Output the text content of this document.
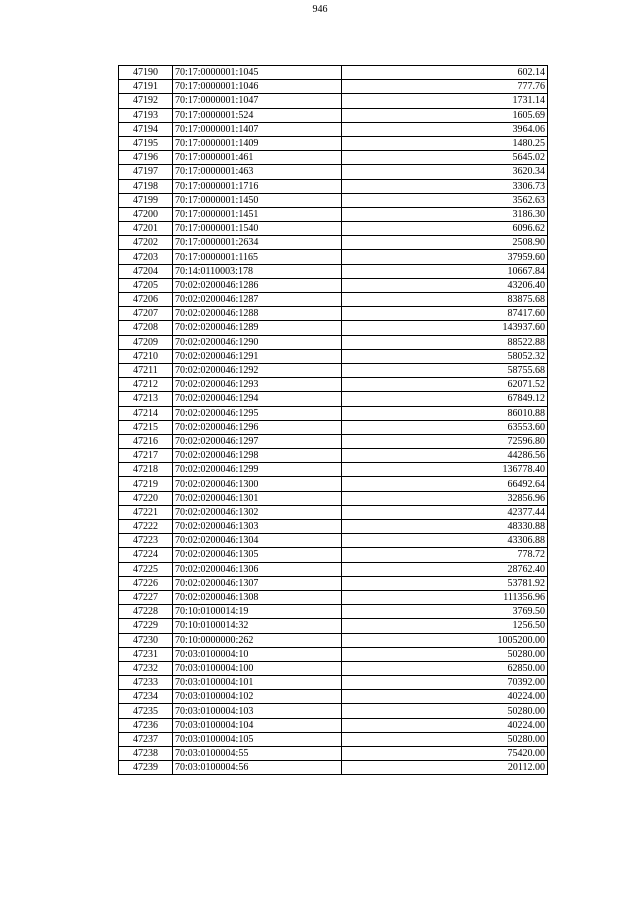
946
47190	70:17:0000001:1045	602.14
47191	70:17:0000001:1046	777.76
47192	70:17:0000001:1047	1731.14
47193	70:17:0000001:524	1605.69
47194	70:17:0000001:1407	3964.06
47195	70:17:0000001:1409	1480.25
47196	70:17:0000001:461	5645.02
47197	70:17:0000001:463	3620.34
47198	70:17:0000001:1716	3306.73
47199	70:17:0000001:1450	3562.63
47200	70:17:0000001:1451	3186.30
47201	70:17:0000001:1540	6096.62
47202	70:17:0000001:2634	2508.90
47203	70:17:0000001:1165	37959.60
47204	70:14:0110003:178	10667.84
47205	70:02:0200046:1286	43206.40
47206	70:02:0200046:1287	83875.68
47207	70:02:0200046:1288	87417.60
47208	70:02:0200046:1289	143937.60
47209	70:02:0200046:1290	88522.88
47210	70:02:0200046:1291	58052.32
47211	70:02:0200046:1292	58755.68
47212	70:02:0200046:1293	62071.52
47213	70:02:0200046:1294	67849.12
47214	70:02:0200046:1295	86010.88
47215	70:02:0200046:1296	63553.60
47216	70:02:0200046:1297	72596.80
47217	70:02:0200046:1298	44286.56
47218	70:02:0200046:1299	136778.40
47219	70:02:0200046:1300	66492.64
47220	70:02:0200046:1301	32856.96
47221	70:02:0200046:1302	42377.44
47222	70:02:0200046:1303	48330.88
47223	70:02:0200046:1304	43306.88
47224	70:02:0200046:1305	778.72
47225	70:02:0200046:1306	28762.40
47226	70:02:0200046:1307	53781.92
47227	70:02:0200046:1308	111356.96
47228	70:10:0100014:19	3769.50
47229	70:10:0100014:32	1256.50
47230	70:10:0000000:262	1005200.00
47231	70:03:0100004:10	50280.00
47232	70:03:0100004:100	62850.00
47233	70:03:0100004:101	70392.00
47234	70:03:0100004:102	40224.00
47235	70:03:0100004:103	50280.00
47236	70:03:0100004:104	40224.00
47237	70:03:0100004:105	50280.00
47238	70:03:0100004:55	75420.00
47239	70:03:0100004:56	20112.00
